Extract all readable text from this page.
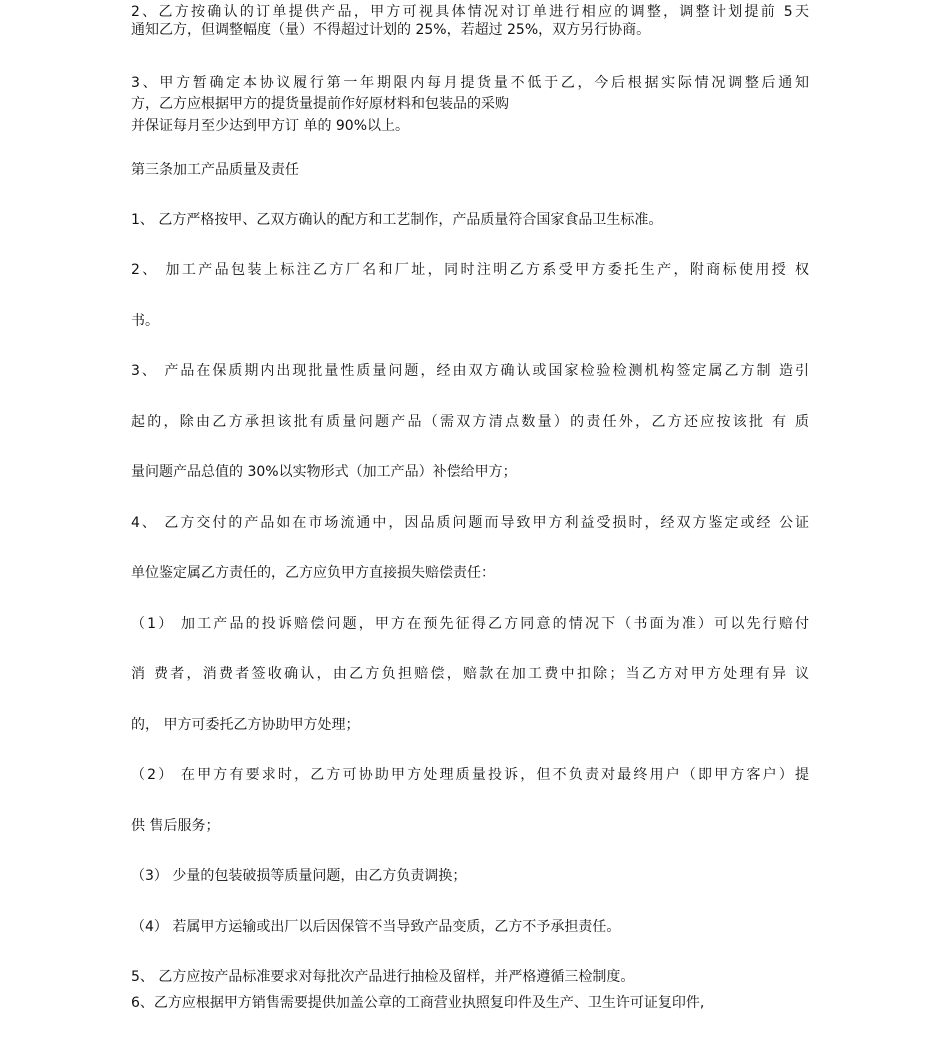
2、乙方按确认的订单提供产品，甲方可视具体情况对订单进行相应的调整，调整计划提前 5天
通知乙方，但调整幅度（量）不得超过计划的 25%，若超过 25%，双方另行协商。
3、甲方暂确定本协议履行第一年期限内每月提货量不低于乙，今后根据实际情况调整后通知
方，乙方应根据甲方的提货量提前作好原材料和包装品的采购
并保证每月至少达到甲方订 单的 90%以上。
第三条加工产品质量及责任
1、 乙方严格按甲、乙双方确认的配方和工艺制作，产品质量符合国家食品卫生标准。
2、 加工产品包装上标注乙方厂名和厂址，同时注明乙方系受甲方委托生产，附商标使用授 权
书。
3、 产品在保质期内出现批量性质量问题，经由双方确认或国家检验检测机构签定属乙方制 造引
起的，除由乙方承担该批有质量问题产品（需双方清点数量）的责任外，乙方还应按该批 有 质
量问题产品总值的 30%以实物形式（加工产品）补偿给甲方；
4、 乙方交付的产品如在市场流通中，因品质问题而导致甲方利益受损时，经双方鉴定或经 公证
单位鉴定属乙方责任的，乙方应负甲方直接损失赔偿责任：
（1） 加工产品的投诉赔偿问题，甲方在预先征得乙方同意的情况下（书面为准）可以先行赔付
消 费者，消费者签收确认，由乙方负担赔偿，赔款在加工费中扣除；当乙方对甲方处理有异 议
的， 甲方可委托乙方协助甲方处理；
（2） 在甲方有要求时，乙方可协助甲方处理质量投诉，但不负责对最终用户（即甲方客户）提
供 售后服务；
（3） 少量的包装破损等质量问题，由乙方负责调换；
（4） 若属甲方运输或出厂以后因保管不当导致产品变质，乙方不予承担责任。
5、 乙方应按产品标准要求对每批次产品进行抽检及留样，并严格遵循三检制度。
6、乙方应根据甲方销售需要提供加盖公章的工商营业执照复印件及生产、卫生许可证复印件,
